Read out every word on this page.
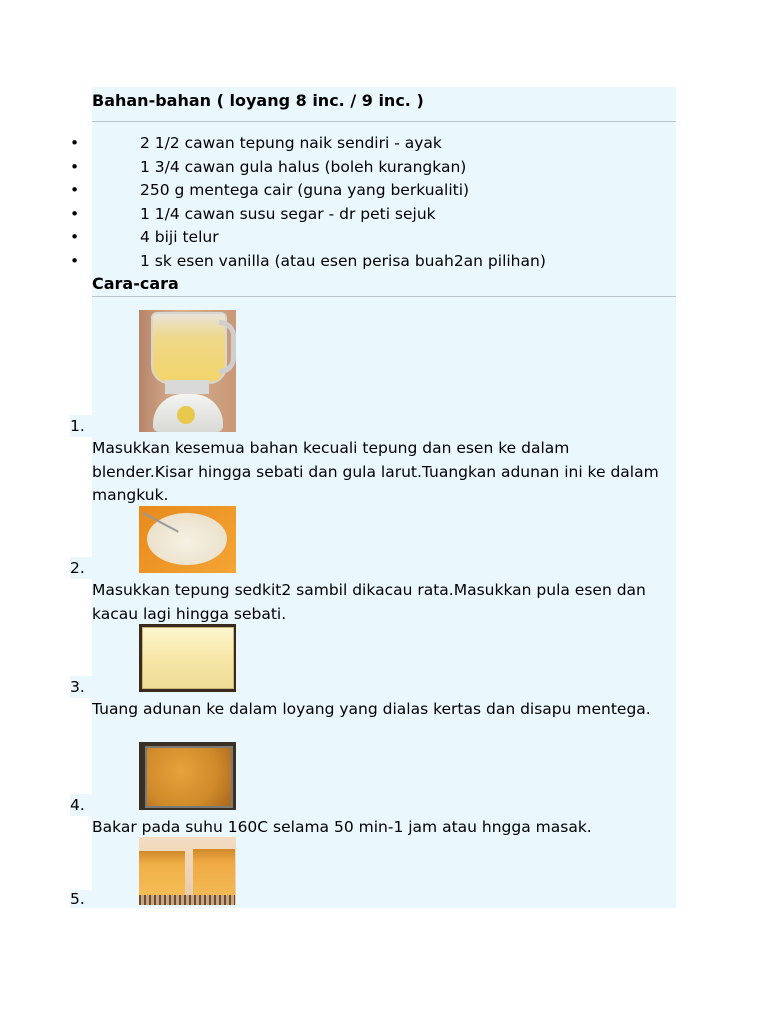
Bahan-bahan ( loyang 8 inc. / 9 inc. )
•	2 1/2 cawan tepung naik sendiri - ayak
•	1 3/4 cawan gula halus (boleh kurangkan)
•	250 g mentega cair (guna yang berkualiti)
•	1 1/4 cawan susu segar - dr peti sejuk
•	4 biji telur
•	1 sk esen vanilla (atau esen perisa buah2an pilihan)
Cara-cara
1.

Masukkan kesemua bahan kecuali tepung dan esen ke dalam blender.Kisar hingga sebati dan gula larut.Tuangkan adunan ini ke dalam mangkuk.

2.

Masukkan tepung sedkit2 sambil dikacau rata.Masukkan pula esen dan kacau lagi hingga sebati.

3.

Tuang adunan ke dalam loyang yang dialas kertas dan disapu mentega.

4.

Bakar pada suhu 160C selama 50 min-1 jam atau hngga masak.

5.
